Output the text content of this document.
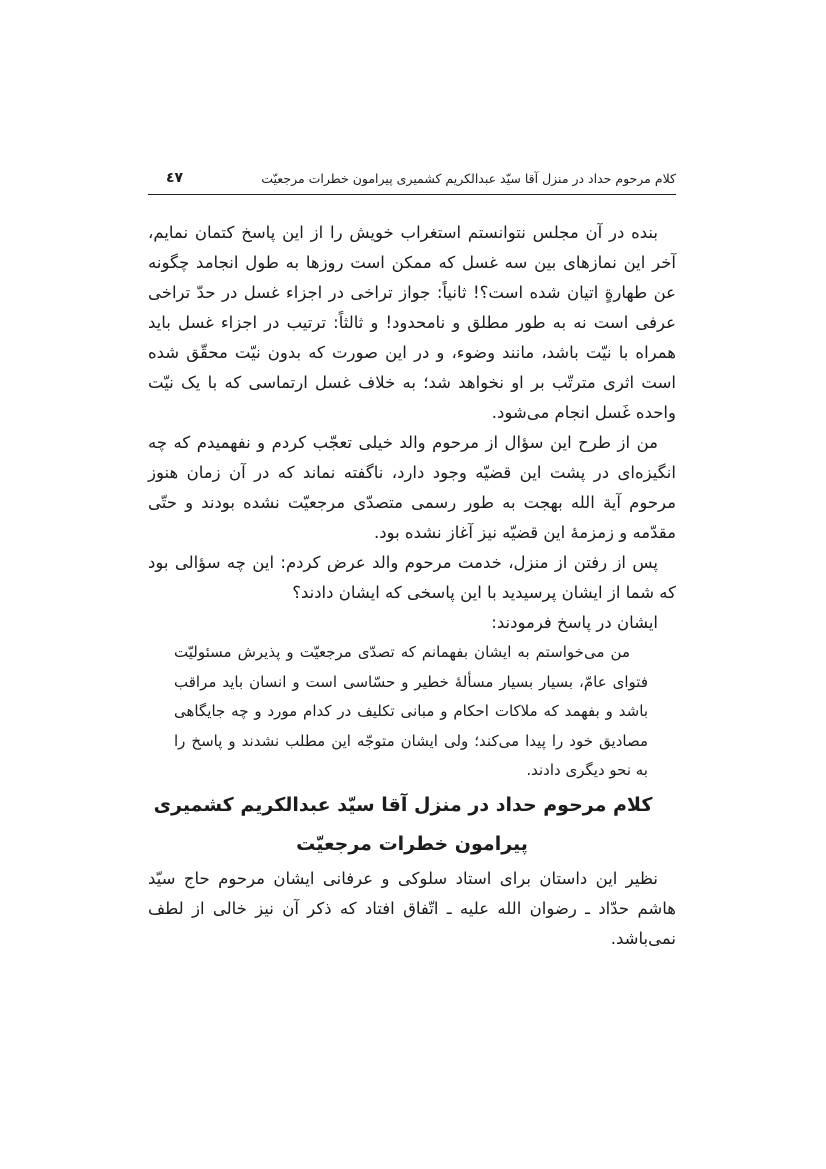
کلام مرحوم حداد در منزل آقا سیّد عبدالکریم کشمیری پیرامون خطرات مرجعیّت
٤٧

بنده در آن مجلس نتوانستم استغراب خویش را از این پاسخ کتمان نمایم، آخر این نمازهای بین سه غسل که ممکن است روزها به طول انجامد چگونه عن طهارةٍ اتیان شده است؟! ثانیاً: جواز تراخی در اجزاء غسل در حدّ تراخی عرفی است نه به طور مطلق و نامحدود! و ثالثاً: ترتیب در اجزاء غسل باید همراه با نیّت باشد، مانند وضوء، و در این صورت که بدون نیّت محقّق شده است اثری مترتّب بر او نخواهد شد؛ به خلاف غسل ارتماسی که با یک نیّت واحده غَسل انجام می‌شود.

من از طرح این سؤال از مرحوم والد خیلی تعجّب کردم و نفهمیدم که چه انگیزه‌ای در پشت این قضیّه وجود دارد، ناگفته نماند که در آن زمان هنوز مرحوم آیة الله بهجت به طور رسمی متصدّی مرجعیّت نشده بودند و حتّی مقدّمه و زمزمهٔ این قضیّه نیز آغاز نشده بود.

پس از رفتن از منزل، خدمت مرحوم والد عرض کردم: این چه سؤالی بود که شما از ایشان پرسیدید با این پاسخی که ایشان دادند؟

ایشان در پاسخ فرمودند:

من می‌خواستم به ایشان بفهمانم که تصدّی مرجعیّت و پذیرش مسئولیّت فتوای عامّ، بسیار بسیار مسألهٔ خطیر و حسّاسی است و انسان باید مراقب باشد و بفهمد که ملاکات احکام و مبانی تکلیف در کدام مورد و چه جایگاهی مصادیق خود را پیدا می‌کند؛ ولی ایشان متوجّه این مطلب نشدند و پاسخ را به نحو دیگری دادند.

کلام مرحوم حداد در منزل آقا سیّد عبدالکریم کشمیری پیرامون خطرات مرجعیّت

نظیر این داستان برای استاد سلوکی و عرفانی ایشان مرحوم حاج سیّد هاشم حدّاد ـ رضوان الله علیه ـ اتّفاق افتاد که ذکر آن نیز خالی از لطف نمی‌باشد.
